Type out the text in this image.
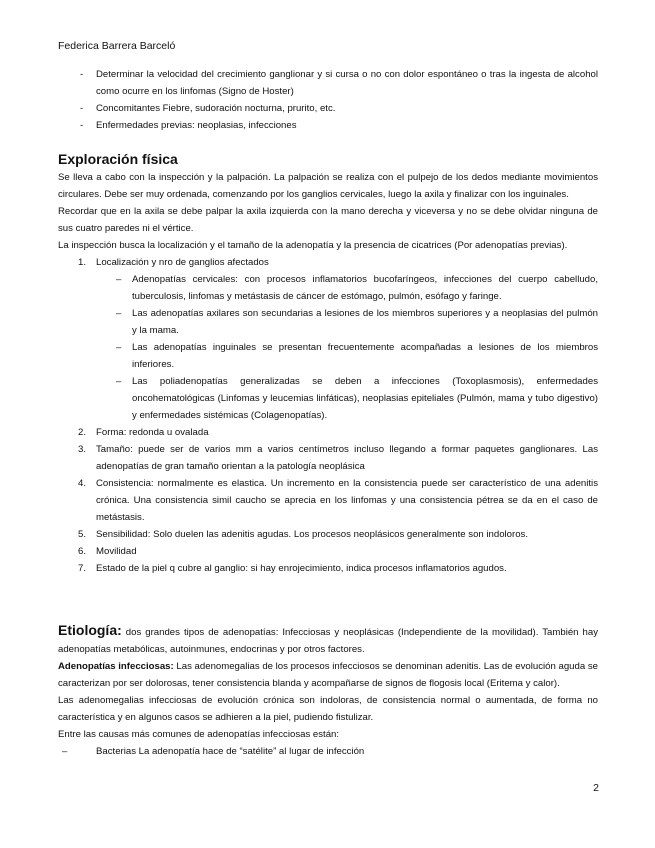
Federica Barrera Barceló
-	Determinar la velocidad del crecimiento ganglionar y si cursa o no con dolor espontáneo o tras la ingesta de alcohol como ocurre en los linfomas (Signo de Hoster)
-	Concomitantes Fiebre, sudoración nocturna, prurito, etc.
-	Enfermedades previas: neoplasias, infecciones
Exploración física

Se lleva a cabo con la inspección y la palpación. La palpación se realiza con el pulpejo de los dedos mediante movimientos circulares. Debe ser muy ordenada, comenzando por los ganglios cervicales, luego la axila y finalizar con los inguinales.

Recordar que en la axila se debe palpar la axila izquierda con la mano derecha y viceversa y no se debe olvidar ninguna de sus cuatro paredes ni el vértice.

La inspección busca la localización y el tamaño de la adenopatía y la presencia de cicatrices (Por adenopatías previas).

1.	Localización y nro de ganglios afectados
–	Adenopatías cervicales: con procesos inflamatorios bucofaríngeos, infecciones del cuerpo cabelludo, tuberculosis, linfomas y metástasis de cáncer de estómago, pulmón, esófago y faringe.
–	Las adenopatías axilares son secundarias a lesiones de los miembros superiores y a neoplasias del pulmón y la mama.
–	Las adenopatías inguinales se presentan frecuentemente acompañadas a lesiones de los miembros inferiores.
–	Las poliadenopatías generalizadas se deben a infecciones (Toxoplasmosis), enfermedades oncohematológicas (Linfomas y leucemias linfáticas), neoplasias epiteliales (Pulmón, mama y tubo digestivo) y enfermedades sistémicas (Colagenopatías).
2.	Forma: redonda u ovalada
3.	Tamaño: puede ser de varios mm a varios centímetros incluso llegando a formar paquetes ganglionares. Las adenopatías de gran tamaño orientan a la patología neoplásica
4.	Consistencia: normalmente es elastica. Un incremento en la consistencia puede ser característico de una adenitis crónica. Una consistencia simil caucho se aprecia en los linfomas y una consistencia pétrea se da en el caso de metástasis.
5.	Sensibilidad: Solo duelen las adenitis agudas. Los procesos neoplásicos generalmente son indoloros.
6.	Movilidad
7.	Estado de la piel q cubre al ganglio: si hay enrojecimiento, indica procesos inflamatorios agudos.

Etiología: dos grandes tipos de adenopatías: Infecciosas y neoplásicas (Independiente de la movilidad). También hay adenopatías metabólicas, autoinmunes, endocrinas y por otros factores.

Adenopatías infecciosas: Las adenomegalias de los procesos infecciosos se denominan adenitis. Las de evolución aguda se caracterizan por ser dolorosas, tener consistencia blanda y acompañarse de signos de flogosis local (Eritema y calor).

Las adenomegalias infecciosas de evolución crónica son indoloras, de consistencia normal o aumentada, de forma no característica y en algunos casos se adhieren a la piel, pudiendo fistulizar.

Entre las causas más comunes de adenopatías infecciosas están:

–	Bacterias La adenopatía hace de “satélite” al lugar de infección
2
